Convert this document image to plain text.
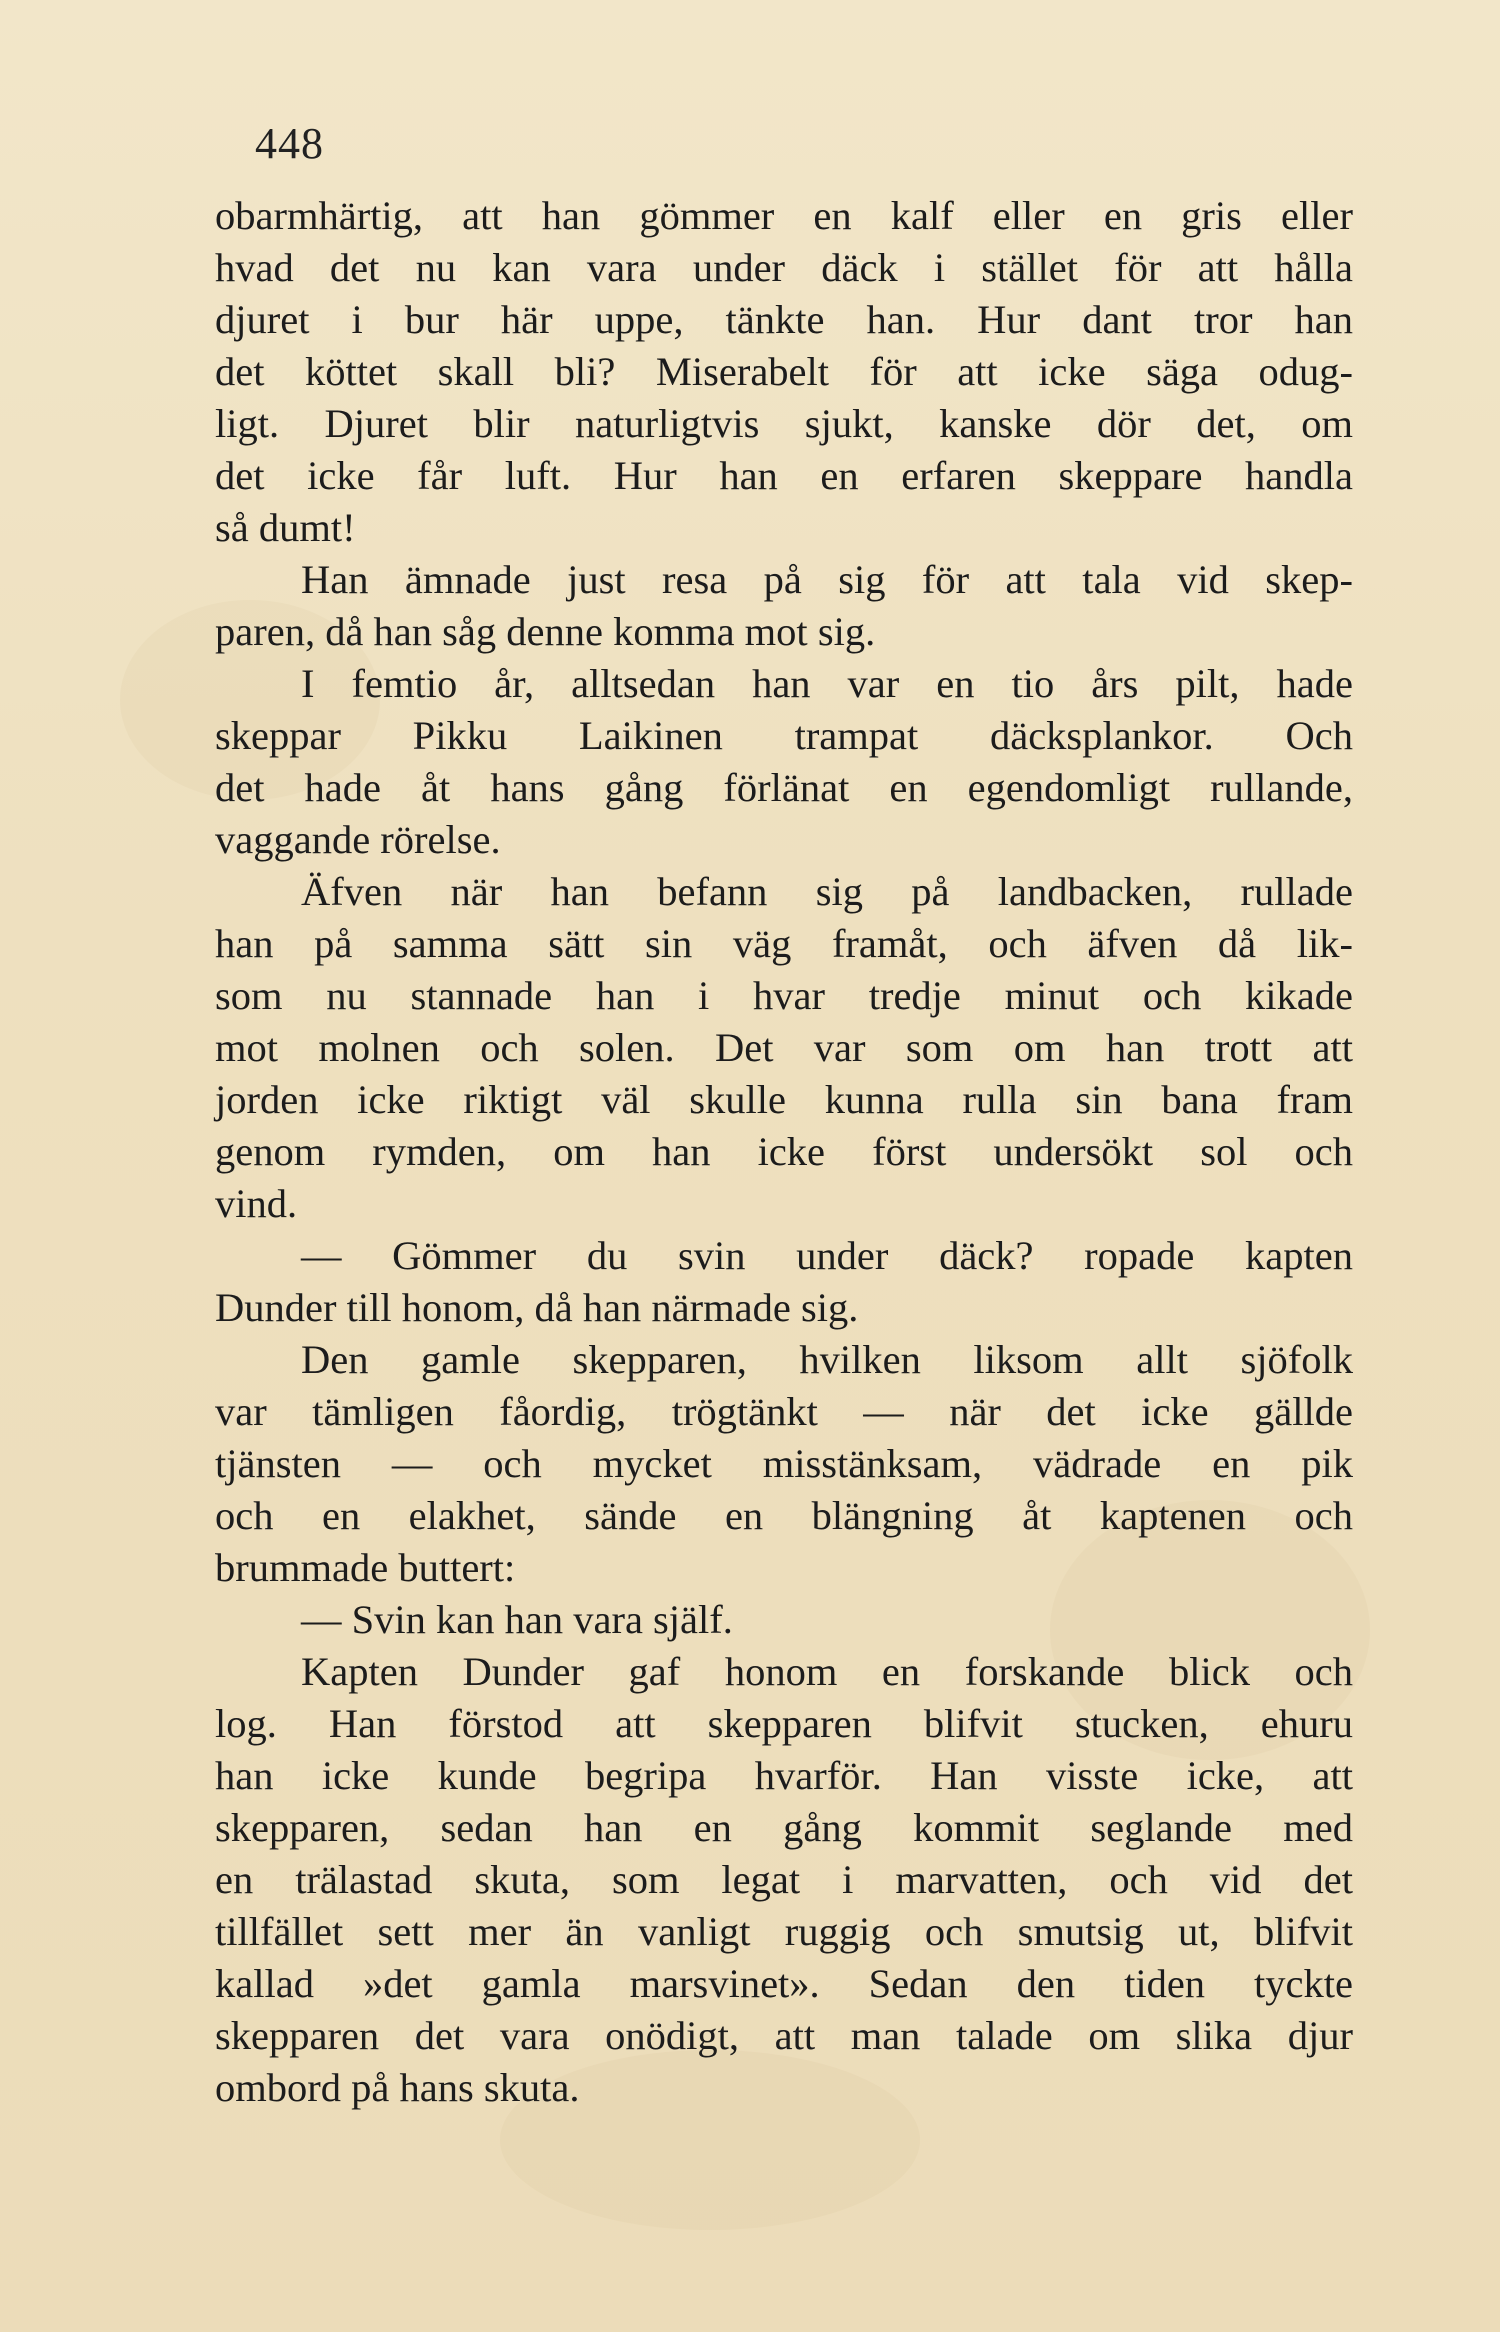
448
obarmhärtig, att han gömmer en kalf eller en gris eller
hvad det nu kan vara under däck i stället för att hålla
djuret i bur här uppe, tänkte han. Hur dant tror han
det köttet skall bli? Miserabelt för att icke säga odug-
ligt. Djuret blir naturligtvis sjukt, kanske dör det, om
det icke får luft. Hur han en erfaren skeppare handla
så dumt!
Han ämnade just resa på sig för att tala vid skep-
paren, då han såg denne komma mot sig.
I femtio år, alltsedan han var en tio års pilt, hade
skeppar Pikku Laikinen trampat däcksplankor. Och
det hade åt hans gång förlänat en egendomligt rullande,
vaggande rörelse.
Äfven när han befann sig på landbacken, rullade
han på samma sätt sin väg framåt, och äfven då lik-
som nu stannade han i hvar tredje minut och kikade
mot molnen och solen. Det var som om han trott att
jorden icke riktigt väl skulle kunna rulla sin bana fram
genom rymden, om han icke först undersökt sol och
vind.
— Gömmer du svin under däck? ropade kapten
Dunder till honom, då han närmade sig.
Den gamle skepparen, hvilken liksom allt sjöfolk
var tämligen fåordig, trögtänkt — när det icke gällde
tjänsten — och mycket misstänksam, vädrade en pik
och en elakhet, sände en blängning åt kaptenen och
brummade buttert:
— Svin kan han vara själf.
Kapten Dunder gaf honom en forskande blick och
log. Han förstod att skepparen blifvit stucken, ehuru
han icke kunde begripa hvarför. Han visste icke, att
skepparen, sedan han en gång kommit seglande med
en trälastad skuta, som legat i marvatten, och vid det
tillfället sett mer än vanligt ruggig och smutsig ut, blifvit
kallad »det gamla marsvinet». Sedan den tiden tyckte
skepparen det vara onödigt, att man talade om slika djur
ombord på hans skuta.
